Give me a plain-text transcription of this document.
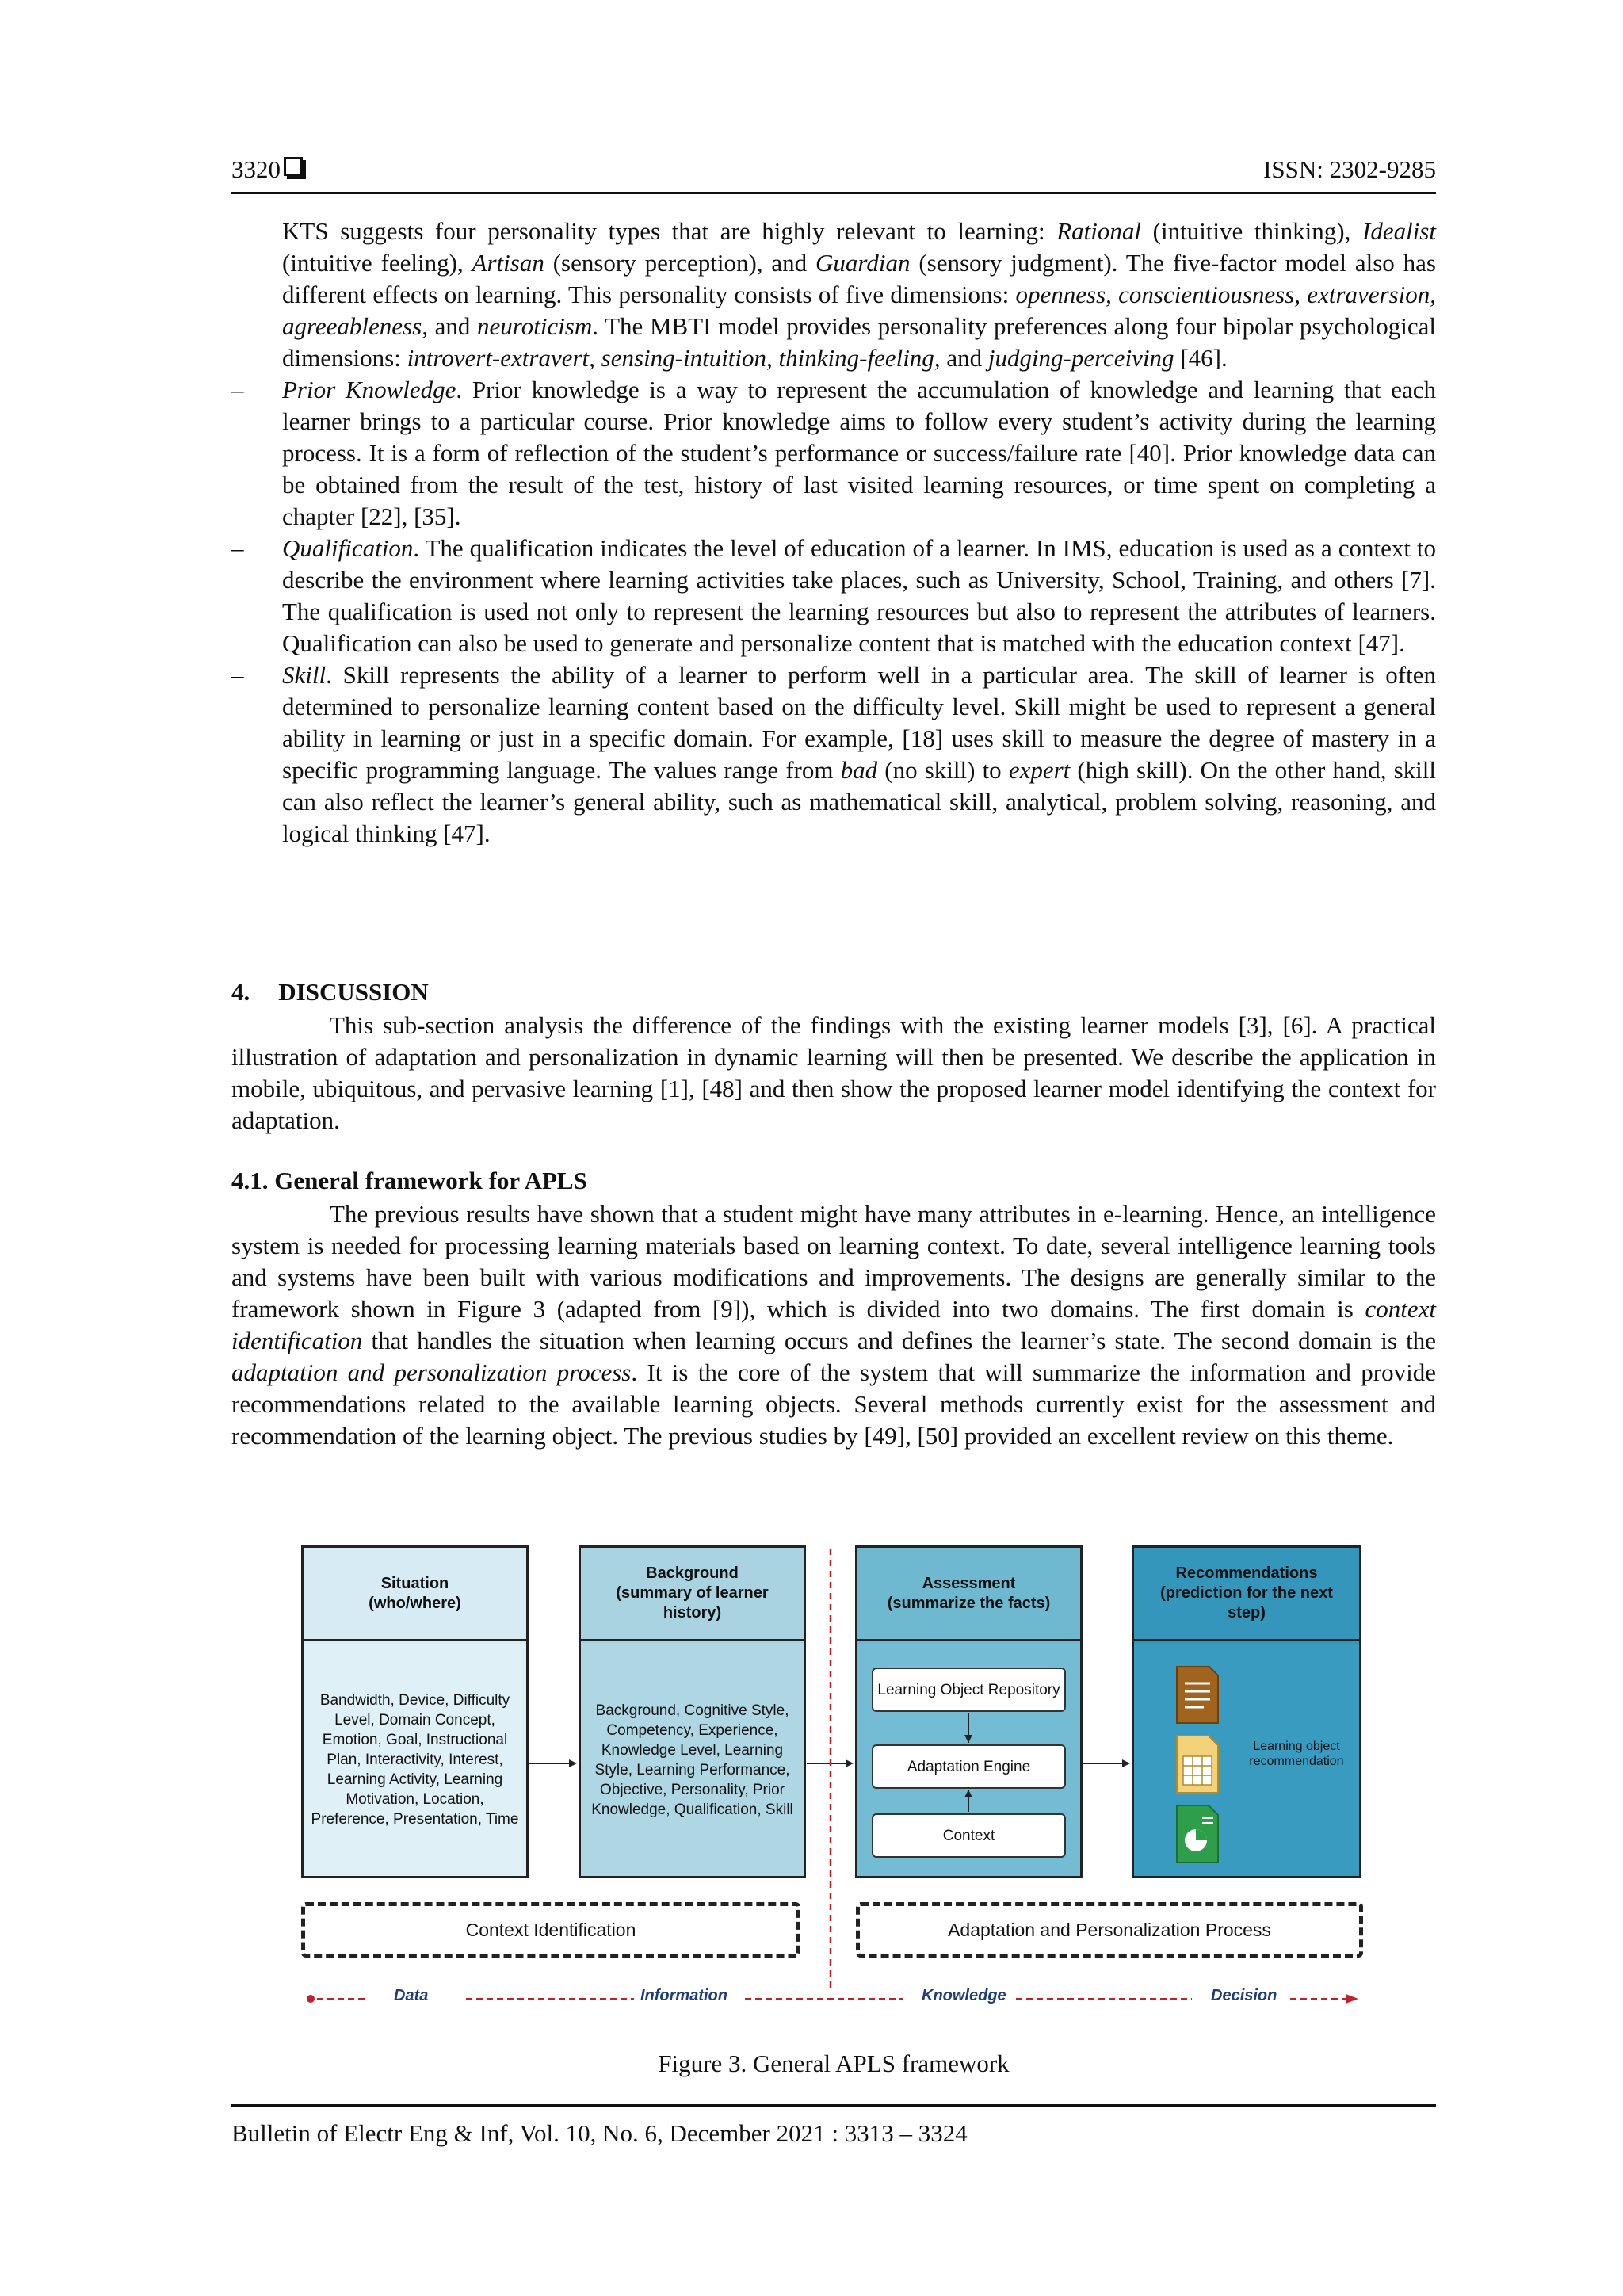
3320	ISSN: 2302-9285

KTS suggests four personality types that are highly relevant to learning: Rational (intuitive thinking), Idealist (intuitive feeling), Artisan (sensory perception), and Guardian (sensory judgment). The five-factor model also has different effects on learning. This personality consists of five dimensions: openness, conscientiousness, extraversion, agreeableness, and neuroticism. The MBTI model provides personality preferences along four bipolar psychological dimensions: introvert-extravert, sensing-intuition, thinking-feeling, and judging-perceiving [46].

– Prior Knowledge. Prior knowledge is a way to represent the accumulation of knowledge and learning that each learner brings to a particular course. Prior knowledge aims to follow every student’s activity during the learning process. It is a form of reflection of the student’s performance or success/failure rate [40]. Prior knowledge data can be obtained from the result of the test, history of last visited learning resources, or time spent on completing a chapter [22], [35].

– Qualification. The qualification indicates the level of education of a learner. In IMS, education is used as a context to describe the environment where learning activities take places, such as University, School, Training, and others [7]. The qualification is used not only to represent the learning resources but also to represent the attributes of learners. Qualification can also be used to generate and personalize content that is matched with the education context [47].

– Skill. Skill represents the ability of a learner to perform well in a particular area. The skill of learner is often determined to personalize learning content based on the difficulty level. Skill might be used to represent a general ability in learning or just in a specific domain. For example, [18] uses skill to measure the degree of mastery in a specific programming language. The values range from bad (no skill) to expert (high skill). On the other hand, skill can also reflect the learner’s general ability, such as mathematical skill, analytical, problem solving, reasoning, and logical thinking [47].

4. DISCUSSION
This sub-section analysis the difference of the findings with the existing learner models [3], [6]. A practical illustration of adaptation and personalization in dynamic learning will then be presented. We describe the application in mobile, ubiquitous, and pervasive learning [1], [48] and then show the proposed learner model identifying the context for adaptation.
4.1. General framework for APLS
The previous results have shown that a student might have many attributes in e-learning. Hence, an intelligence system is needed for processing learning materials based on learning context. To date, several intelligence learning tools and systems have been built with various modifications and improvements. The designs are generally similar to the framework shown in Figure 3 (adapted from [9]), which is divided into two domains. The first domain is context identification that handles the situation when learning occurs and defines the learner’s state. The second domain is the adaptation and personalization process. It is the core of the system that will summarize the information and provide recommendations related to the available learning objects. Several methods currently exist for the assessment and recommendation of the learning object. The previous studies by [49], [50] provided an excellent review on this theme.
Situation
(who/where)
Bandwidth, Device, Difficulty Level, Domain Concept, Emotion, Goal, Instructional Plan, Interactivity, Interest, Learning Activity, Learning Motivation, Location, Preference, Presentation, Time
Background
(summary of learner history)
Background, Cognitive Style, Competency, Experience, Knowledge Level, Learning Style, Learning Performance, Objective, Personality, Prior Knowledge, Qualification, Skill
Assessment
(summarize the facts)
Learning Object Repository
Adaptation Engine
Context
Recommendations
(prediction for the next step)
Learning object recommendation
Context Identification	Adaptation and Personalization Process
Data	Information	Knowledge	Decision
Figure 3. General APLS framework
Bulletin of Electr Eng & Inf, Vol. 10, No. 6, December 2021 : 3313 – 3324
